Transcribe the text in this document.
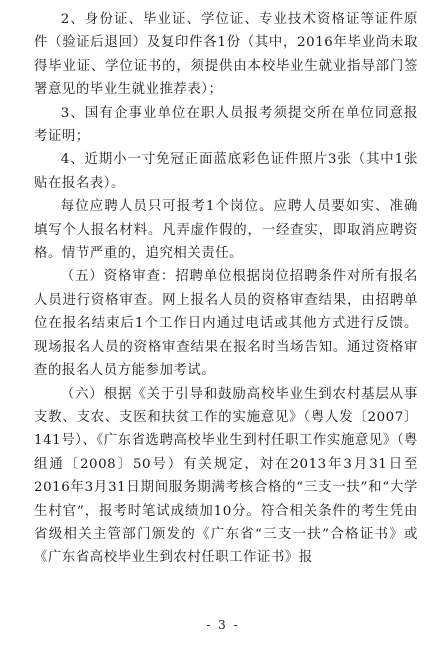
2、身份证、毕业证、学位证、专业技术资格证等证件原件（验证后退回）及复印件各1份（其中，2016年毕业尚未取得毕业证、学位证书的，须提供由本校毕业生就业指导部门签署意见的毕业生就业推荐表）；

3、国有企事业单位在职人员报考须提交所在单位同意报考证明；

4、近期小一寸免冠正面蓝底彩色证件照片3张（其中1张贴在报名表）。

每位应聘人员只可报考1个岗位。应聘人员要如实、准确填写个人报名材料。凡弄虚作假的，一经查实，即取消应聘资格。情节严重的，追究相关责任。

（五）资格审查：招聘单位根据岗位招聘条件对所有报名人员进行资格审查。网上报名人员的资格审查结果，由招聘单位在报名结束后1个工作日内通过电话或其他方式进行反馈。现场报名人员的资格审查结果在报名时当场告知。通过资格审查的报名人员方能参加考试。

（六）根据《关于引导和鼓励高校毕业生到农村基层从事支教、支农、支医和扶贫工作的实施意见》（粤人发〔2007〕141号）、《广东省选聘高校毕业生到村任职工作实施意见》（粤组通〔2008〕50号）有关规定，対在2013年3月31日至2016年3月31日期间服务期满考核合格的“三支一扶”和“大学生村官”，报考时笔试成绩加10分。符合相关条件的考生凭由省级相关主管部门颁发的《广东省“三支一扶”合格证书》或《广东省高校毕业生到农村任职工作证书》报

- 3 -
